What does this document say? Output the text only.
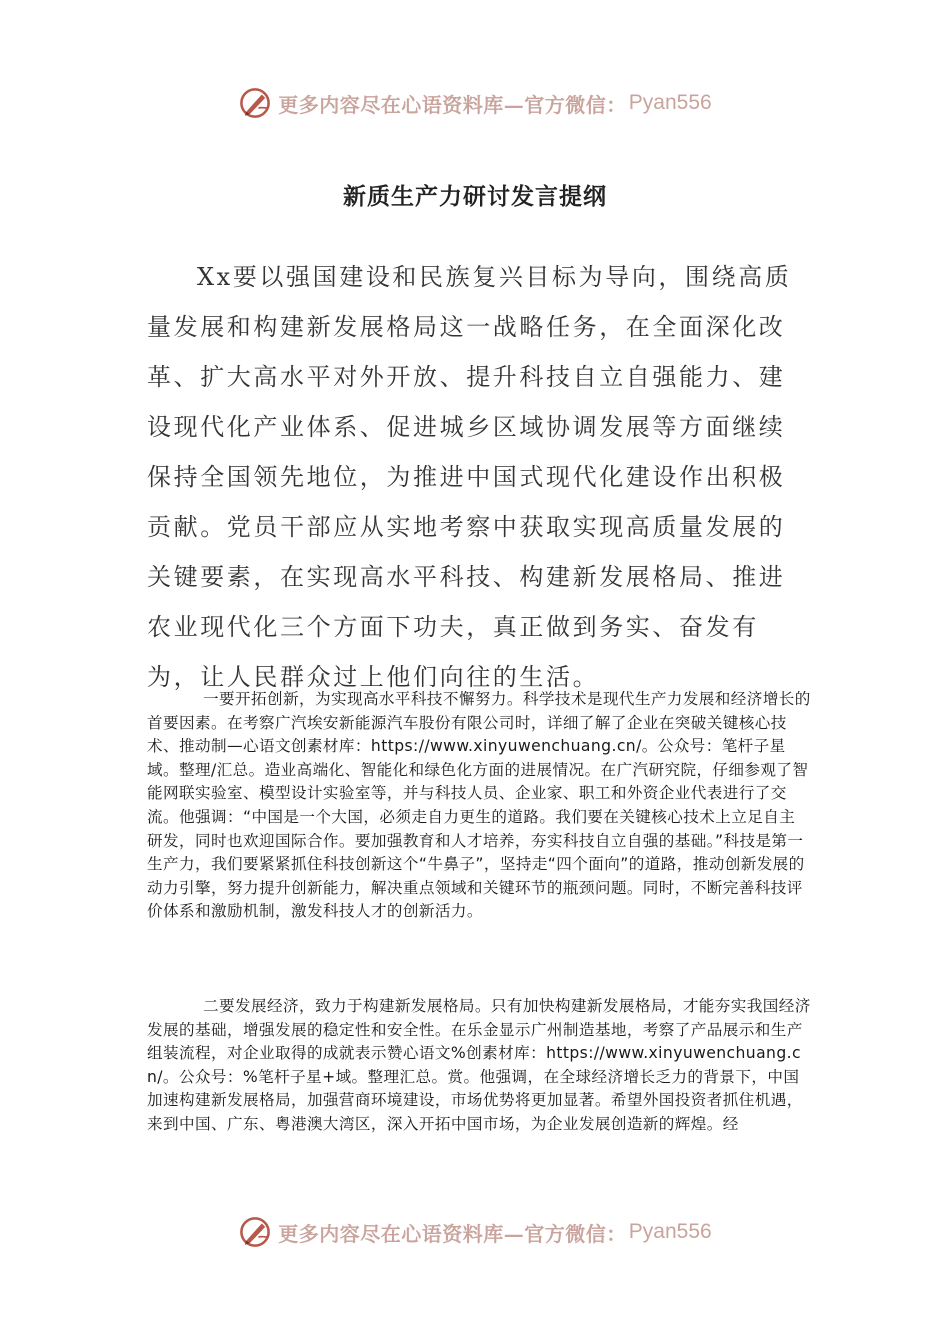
更多内容尽在心语资料库—官方微信： Pyan556
新质生产力研讨发言提纲

Xx要以强国建设和民族复兴目标为导向，围绕高质量发展和构建新发展格局这一战略任务，在全面深化改革、扩大高水平对外开放、提升科技自立自强能力、建设现代化产业体系、促进城乡区域协调发展等方面继续保持全国领先地位，为推进中国式现代化建设作出积极贡献。党员干部应从实地考察中获取实现高质量发展的关键要素，在实现高水平科技、构建新发展格局、推进农业现代化三个方面下功夫，真正做到务实、奋发有为，让人民群众过上他们向往的生活。

一要开拓创新，为实现高水平科技不懈努力。科学技术是现代生产力发展和经济增长的首要因素。在考察广汽埃安新能源汽车股份有限公司时，详细了解了企业在突破关键核心技术、推动制—心语文创素材库：https://www.xinyuwenchuang.cn/。公众号：笔杆子星域。整理/汇总。造业高端化、智能化和绿色化方面的进展情况。在广汽研究院，仔细参观了智能网联实验室、模型设计实验室等，并与科技人员、企业家、职工和外资企业代表进行了交流。他强调：“中国是一个大国，必须走自力更生的道路。我们要在关键核心技术上立足自主研发，同时也欢迎国际合作。要加强教育和人才培养，夯实科技自立自强的基础。”科技是第一生产力，我们要紧紧抓住科技创新这个“牛鼻子”，坚持走“四个面向”的道路，推动创新发展的动力引擎，努力提升创新能力，解决重点领域和关键环节的瓶颈问题。同时，不断完善科技评价体系和激励机制，激发科技人才的创新活力。

二要发展经济，致力于构建新发展格局。只有加快构建新发展格局，才能夯实我国经济发展的基础，增强发展的稳定性和安全性。在乐金显示广州制造基地，考察了产品展示和生产组装流程，对企业取得的成就表示赞心语文%创素材库：https://www.xinyuwenchuang.cn/。公众号：%笔杆子星+域。整理汇总。赏。他强调，在全球经济增长乏力的背景下，中国加速构建新发展格局，加强营商环境建设，市场优势将更加显著。希望外国投资者抓住机遇，来到中国、广东、粤港澳大湾区，深入开拓中国市场，为企业发展创造新的辉煌。经

更多内容尽在心语资料库—官方微信： Pyan556
